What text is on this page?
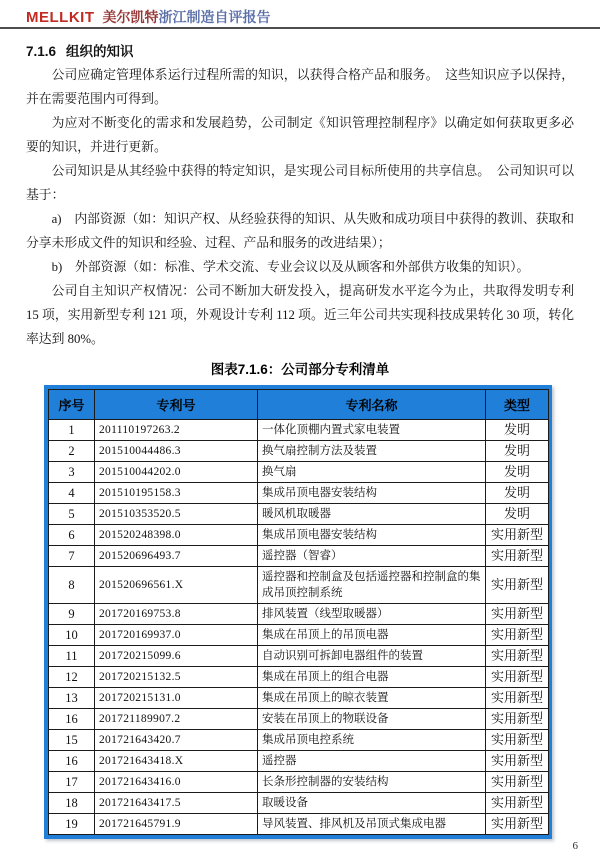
MELLKIT 美尔凯特浙江制造自评报告
7.1.6 组织的知识

公司应确定管理体系运行过程所需的知识，以获得合格产品和服务。　这些知识应予以保持，并在需要范围内可得到。

为应对不断变化的需求和发展趋势，公司制定《知识管理控制程序》以确定如何获取更多必要的知识，并进行更新。

公司知识是从其经验中获得的特定知识，是实现公司目标所使用的共享信息。　公司知识可以基于：

a)　内部资源（如：知识产权、从经验获得的知识、从失败和成功项目中获得的教训、获取和分享未形成文件的知识和经验、过程、产品和服务的改进结果）；

b)　外部资源（如：标准、学术交流、专业会议以及从顾客和外部供方收集的知识）。

公司自主知识产权情况：公司不断加大研发投入，提高研发水平迄今为止，共取得发明专利 15 项，实用新型专利 121 项，外观设计专利 112 项。近三年公司共实现科技成果转化 30 项，转化率达到 80%。

图表7.1.6：公司部分专利清单
序号	专利号	专利名称	类型
1	201110197263.2	一体化顶棚内置式家电装置	发明
2	201510044486.3	换气扇控制方法及装置	发明
3	201510044202.0	换气扇	发明
4	201510195158.3	集成吊顶电器安装结构	发明
5	201510353520.5	暖风机取暖器	发明
6	201520248398.0	集成吊顶电器安装结构	实用新型
7	201520696493.7	遥控器（智睿）	实用新型
8	201520696561.X	遥控器和控制盒及包括遥控器和控制盒的集成吊顶控制系统	实用新型
9	201720169753.8	排风装置（线型取暖器）	实用新型
10	201720169937.0	集成在吊顶上的吊顶电器	实用新型
11	201720215099.6	自动识别可拆卸电器组件的装置	实用新型
12	201720215132.5	集成在吊顶上的组合电器	实用新型
13	201720215131.0	集成在吊顶上的晾衣装置	实用新型
16	201721189907.2	安装在吊顶上的物联设备	实用新型
15	201721643420.7	集成吊顶电控系统	实用新型
16	201721643418.X	遥控器	实用新型
17	201721643416.0	长条形控制器的安装结构	实用新型
18	201721643417.5	取暖设备	实用新型
19	201721645791.9	导风装置、排风机及吊顶式集成电器	实用新型
6
